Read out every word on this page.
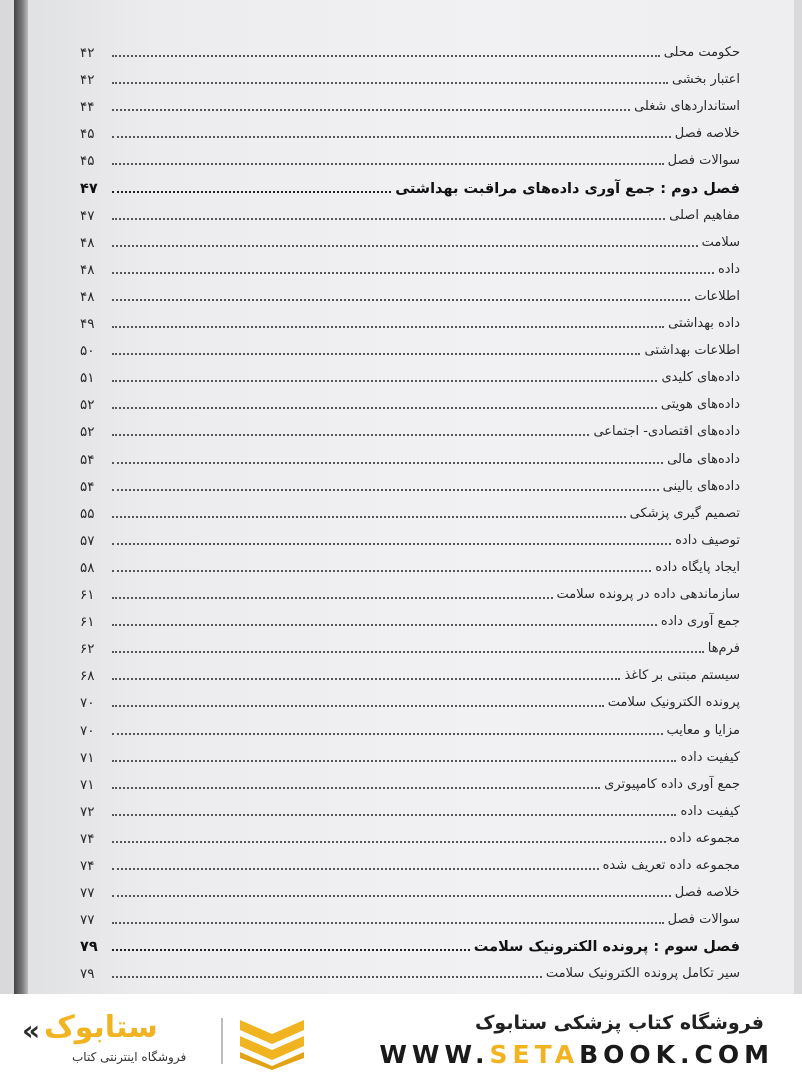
حکومت محلی
۴۲
اعتبار بخشی
۴۲
استانداردهای شغلی
۴۴
خلاصه فصل
۴۵
سوالات فصل
۴۵
فصل دوم : جمع آوری داده‌های مراقبت بهداشتی
۴۷
مفاهیم اصلی
۴۷
سلامت
۴۸
داده
۴۸
اطلاعات
۴۸
داده بهداشتی
۴۹
اطلاعات بهداشتی
۵۰
داده‌های کلیدی
۵۱
داده‌های هویتی
۵۲
داده‌های اقتصادی- اجتماعی
۵۲
داده‌های مالی
۵۴
داده‌های بالینی
۵۴
تصمیم گیری پزشکی
۵۵
توصیف داده
۵۷
ایجاد پایگاه داده
۵۸
سازماندهی داده در پرونده سلامت
۶۱
جمع آوری داده
۶۱
فرم‌ها
۶۲
سیستم مبتنی بر کاغذ
۶۸
پرونده الکترونیک سلامت
۷۰
مزایا و معایب
۷۰
کیفیت داده
۷۱
جمع آوری داده کامپیوتری
۷۱
کیفیت داده
۷۲
مجموعه داده
۷۴
مجموعه داده تعریف شده
۷۴
خلاصه فصل
۷۷
سوالات فصل
۷۷
فصل سوم : پرونده الکترونیک سلامت
۷۹
سیر تکامل پرونده الکترونیک سلامت
۷۹
« ستابوک
فروشگاه اینترنتی کتاب
فروشگاه کتاب پزشکی ستابوک
WWW.SETABOOK.COM
